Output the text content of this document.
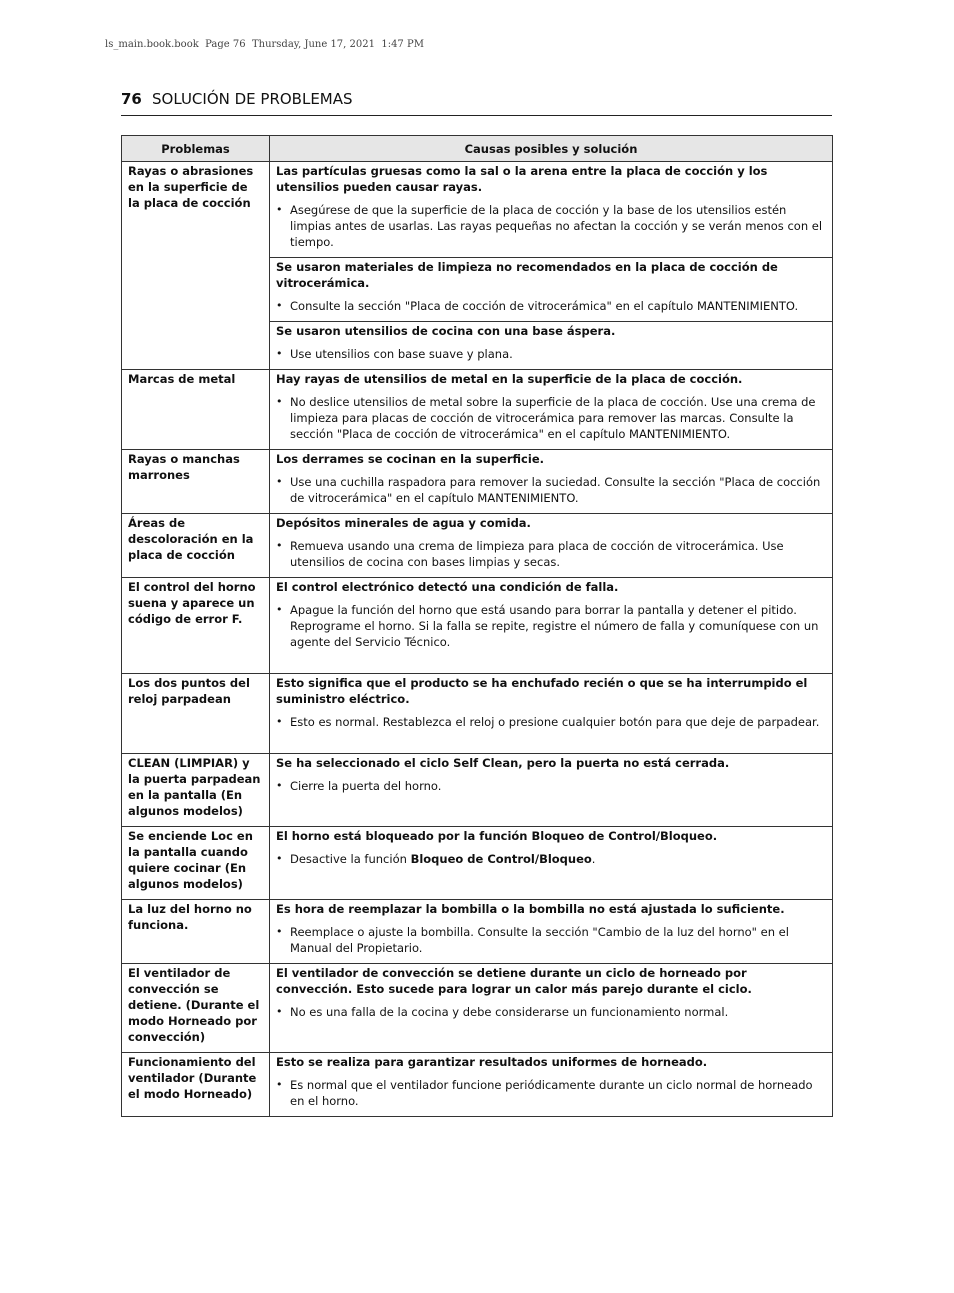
ls_main.book.book  Page 76  Thursday, June 17, 2021  1:47 PM
76 SOLUCIÓN DE PROBLEMAS
Problemas	Causas posibles y solución

Rayas o abrasiones en la superficie de la placa de cocción	Las partículas gruesas como la sal o la arena entre la placa de cocción y los utensilios pueden causar rayas.
• Asegúrese de que la superficie de la placa de cocción y la base de los utensilios estén limpias antes de usarlas. Las rayas pequeñas no afectan la cocción y se verán menos con el tiempo.

	Se usaron materiales de limpieza no recomendados en la placa de cocción de vitrocerámica.
• Consulte la sección "Placa de cocción de vitrocerámica" en el capítulo MANTENIMIENTO.

	Se usaron utensilios de cocina con una base áspera.
• Use utensilios con base suave y plana.

Marcas de metal	Hay rayas de utensilios de metal en la superficie de la placa de cocción.
• No deslice utensilios de metal sobre la superficie de la placa de cocción. Use una crema de limpieza para placas de cocción de vitrocerámica para remover las marcas. Consulte la sección "Placa de cocción de vitrocerámica" en el capítulo MANTENIMIENTO.

Rayas o manchas marrones	Los derrames se cocinan en la superficie.
• Use una cuchilla raspadora para remover la suciedad. Consulte la sección "Placa de cocción de vitrocerámica" en el capítulo MANTENIMIENTO.

Áreas de descoloración en la placa de cocción	Depósitos minerales de agua y comida.
• Remueva usando una crema de limpieza para placa de cocción de vitrocerámica. Use utensilios de cocina con bases limpias y secas.

El control del horno suena y aparece un código de error F.	El control electrónico detectó una condición de falla.
• Apague la función del horno que está usando para borrar la pantalla y detener el pitido. Reprograme el horno. Si la falla se repite, registre el número de falla y comuníquese con un agente del Servicio Técnico.

Los dos puntos del reloj parpadean	Esto significa que el producto se ha enchufado recién o que se ha interrumpido el suministro eléctrico.
• Esto es normal. Restablezca el reloj o presione cualquier botón para que deje de parpadear.

CLEAN (LIMPIAR) y la puerta parpadean en la pantalla (En algunos modelos)	Se ha seleccionado el ciclo Self Clean, pero la puerta no está cerrada.
• Cierre la puerta del horno.

Se enciende Loc en la pantalla cuando quiere cocinar (En algunos modelos)	El horno está bloqueado por la función Bloqueo de Control/Bloqueo.
• Desactive la función Bloqueo de Control/Bloqueo.

La luz del horno no funciona.	Es hora de reemplazar la bombilla o la bombilla no está ajustada lo suficiente.
• Reemplace o ajuste la bombilla. Consulte la sección "Cambio de la luz del horno" en el Manual del Propietario.

El ventilador de convección se detiene. (Durante el modo Horneado por convección)	El ventilador de convección se detiene durante un ciclo de horneado por convección. Esto sucede para lograr un calor más parejo durante el ciclo.
• No es una falla de la cocina y debe considerarse un funcionamiento normal.

Funcionamiento del ventilador (Durante el modo Horneado)	Esto se realiza para garantizar resultados uniformes de horneado.
• Es normal que el ventilador funcione periódicamente durante un ciclo normal de horneado en el horno.
